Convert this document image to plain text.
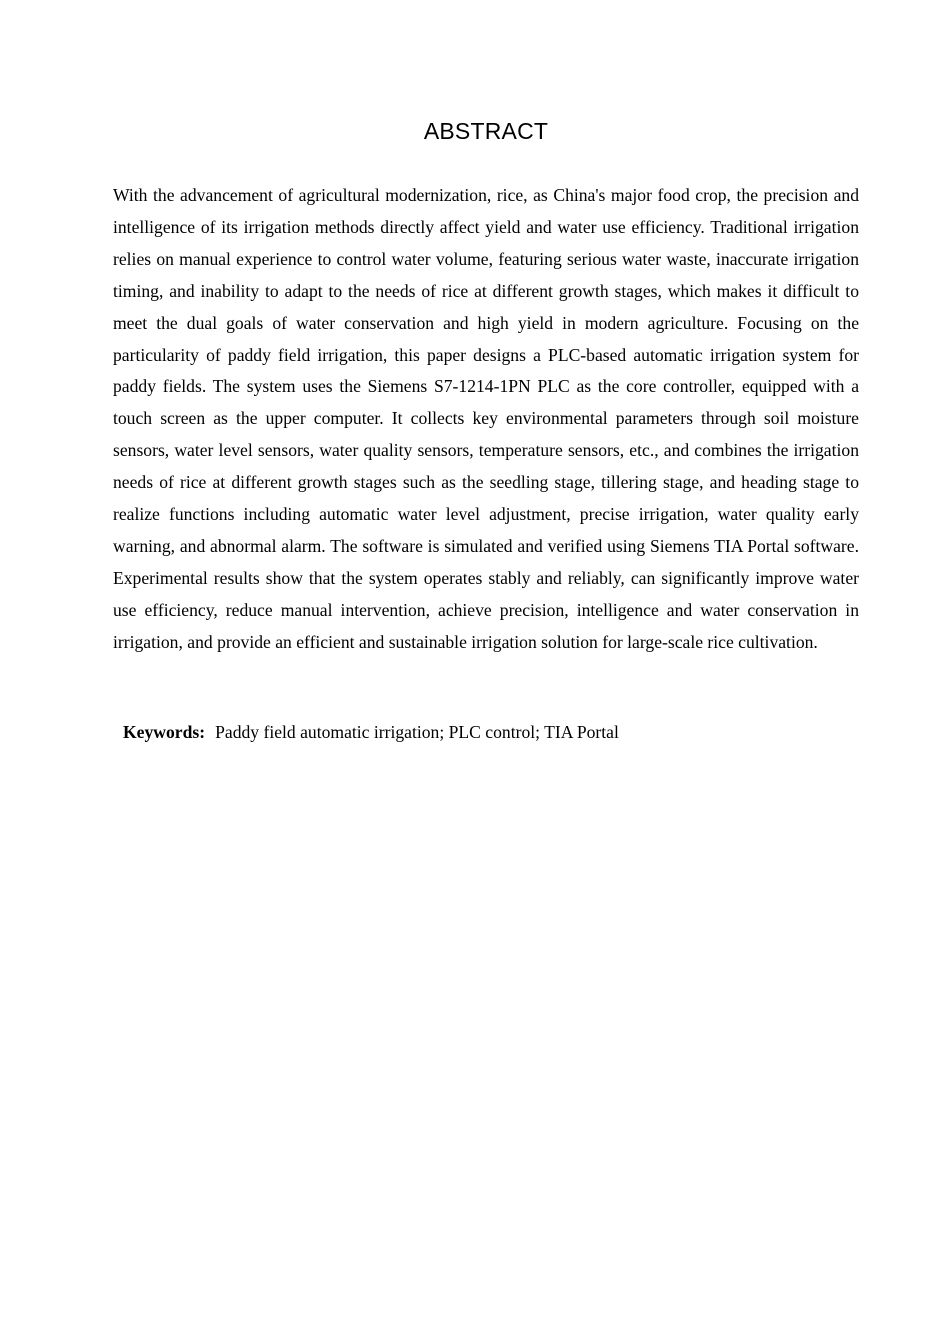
ABSTRACT

With the advancement of agricultural modernization, rice, as China's major food crop, the precision and intelligence of its irrigation methods directly affect yield and water use efficiency. Traditional irrigation relies on manual experience to control water volume, featuring serious water waste, inaccurate irrigation timing, and inability to adapt to the needs of rice at different growth stages, which makes it difficult to meet the dual goals of water conservation and high yield in modern agriculture. Focusing on the particularity of paddy field irrigation, this paper designs a PLC-based automatic irrigation system for paddy fields. The system uses the Siemens S7-1214-1PN PLC as the core controller, equipped with a touch screen as the upper computer. It collects key environmental parameters through soil moisture sensors, water level sensors, water quality sensors, temperature sensors, etc., and combines the irrigation needs of rice at different growth stages such as the seedling stage, tillering stage, and heading stage to realize functions including automatic water level adjustment, precise irrigation, water quality early warning, and abnormal alarm. The software is simulated and verified using Siemens TIA Portal software. Experimental results show that the system operates stably and reliably, can significantly improve water use efficiency, reduce manual intervention, achieve precision, intelligence and water conservation in irrigation, and provide an efficient and sustainable irrigation solution for large-scale rice cultivation.

Keywords: Paddy field automatic irrigation; PLC control; TIA Portal
